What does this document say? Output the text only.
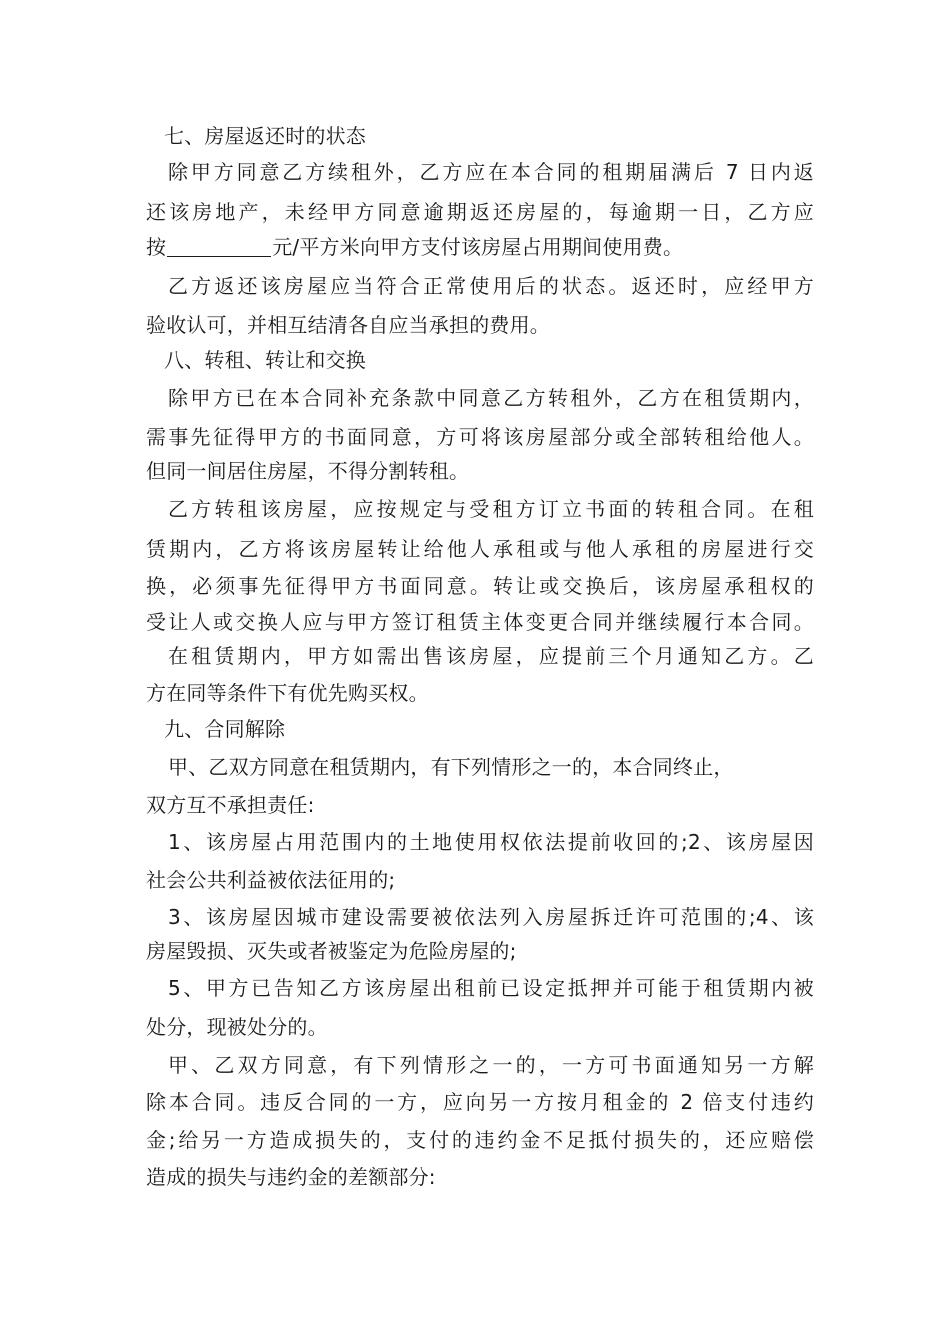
七、房屋返还时的状态
除甲方同意乙方续租外，乙方应在本合同的租期届满后 7 日内返
还该房地产，未经甲方同意逾期返还房屋的，每逾期一日，乙方应
按	元/平方米向甲方支付该房屋占用期间使用费。
乙方返还该房屋应当符合正常使用后的状态。返还时，应经甲方
验收认可，并相互结清各自应当承担的费用。
八、转租、转让和交换
除甲方已在本合同补充条款中同意乙方转租外，乙方在租赁期内，
需事先征得甲方的书面同意，方可将该房屋部分或全部转租给他人。
但同一间居住房屋，不得分割转租。
乙方转租该房屋，应按规定与受租方订立书面的转租合同。在租
赁期内，乙方将该房屋转让给他人承租或与他人承租的房屋进行交
换，必须事先征得甲方书面同意。转让或交换后，该房屋承租权的
受让人或交换人应与甲方签订租赁主体变更合同并继续履行本合同。
在租赁期内，甲方如需出售该房屋，应提前三个月通知乙方。乙
方在同等条件下有优先购买权。
九、合同解除
甲、乙双方同意在租赁期内，有下列情形之一的，本合同终止，
双方互不承担责任:
1、该房屋占用范围内的土地使用权依法提前收回的;2、该房屋因
社会公共利益被依法征用的;
3、该房屋因城市建设需要被依法列入房屋拆迁许可范围的;4、该
房屋毁损、灭失或者被鉴定为危险房屋的;
5、甲方已告知乙方该房屋出租前已设定抵押并可能于租赁期内被
处分，现被处分的。
甲、乙双方同意，有下列情形之一的，一方可书面通知另一方解
除本合同。违反合同的一方，应向另一方按月租金的 2 倍支付违约
金;给另一方造成损失的，支付的违约金不足抵付损失的，还应赔偿
造成的损失与违约金的差额部分:
